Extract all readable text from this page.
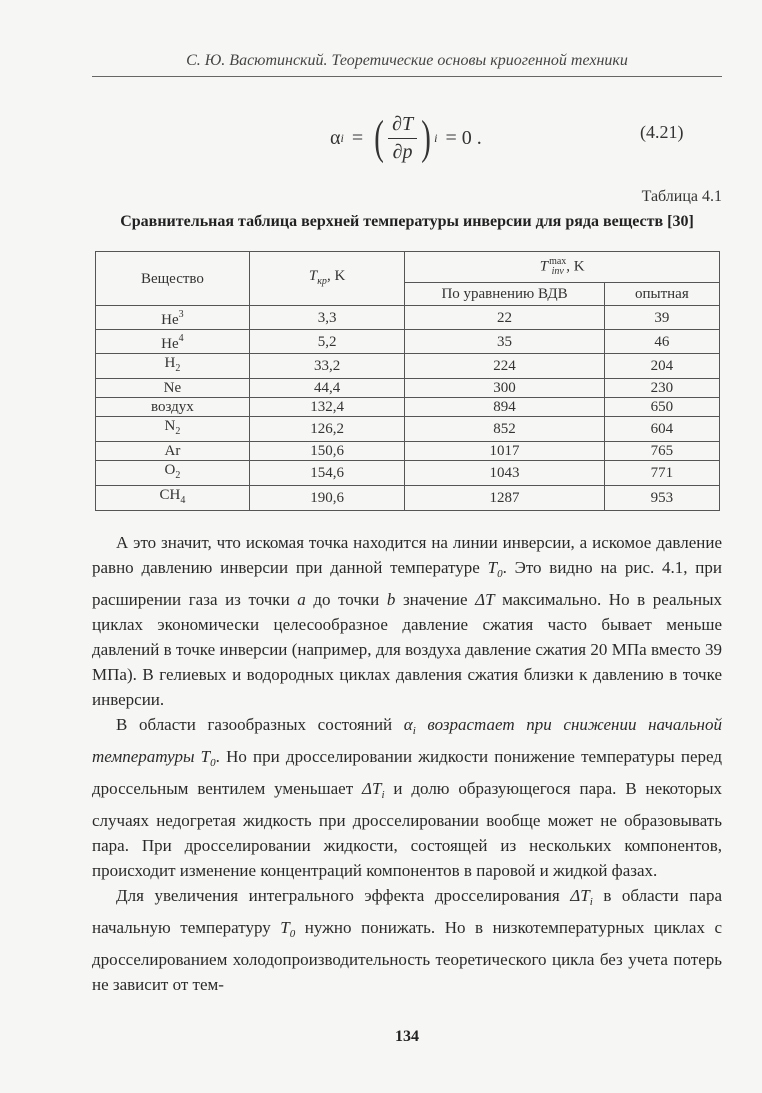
С. Ю. Васютинский. Теоретические основы криогенной техники
α i = ( $\frac{\partial T}{\partial p}$ ) i = 0 .	(4.21)
Таблица 4.1
Сравнительная таблица верхней температуры инверсии для ряда веществ [30]
Вещество	$T_{кр}$, K	T max
inv , K	
		По уравнению ВДВ	опытная
He$^3$	3,3	22	39
He$^4$	5,2	35	46
$H_2$	33,2	224	204
Ne	44,4	300	230
воздух	132,4	894	650
$N_2$	126,2	852	604
Ar	150,6	1017	765
$O_2$	154,6	1043	771
$CH_4$	190,6	1287	953

А это значит, что искомая точка находится на линии инверсии, а искомое давление равно давлению инверсии при данной температуре $T_0$. Это видно на рис. 4.1, при расширении газа из точки a до точки b значение ΔT максимально. Но в реальных циклах экономически целесообразное давление сжатия часто бывает меньше давлений в точке инверсии (например, для воздуха давление сжатия 20 МПа вместо 39 МПа). В гелиевых и водородных циклах давления сжатия близки к давлению в точке инверсии.

В области газообразных состояний $\alpha_i$ возрастает при снижении начальной температуры $T_0$. Но при дросселировании жидкости понижение температуры перед дроссельным вентилем уменьшает $\Delta T_i$ и долю образующегося пара. В некоторых случаях недогретая жидкость при дросселировании вообще может не образовывать пара. При дросселировании жидкости, состоящей из нескольких компонентов, происходит изменение концентраций компонентов в паровой и жидкой фазах.

Для увеличения интегрального эффекта дросселирования $\Delta T_i$ в области пара начальную температуру $T_0$ нужно понижать. Но в низкотемпературных циклах с дросселированием холодопроизводительность теоретического цикла без учета потерь не зависит от тем-

134
